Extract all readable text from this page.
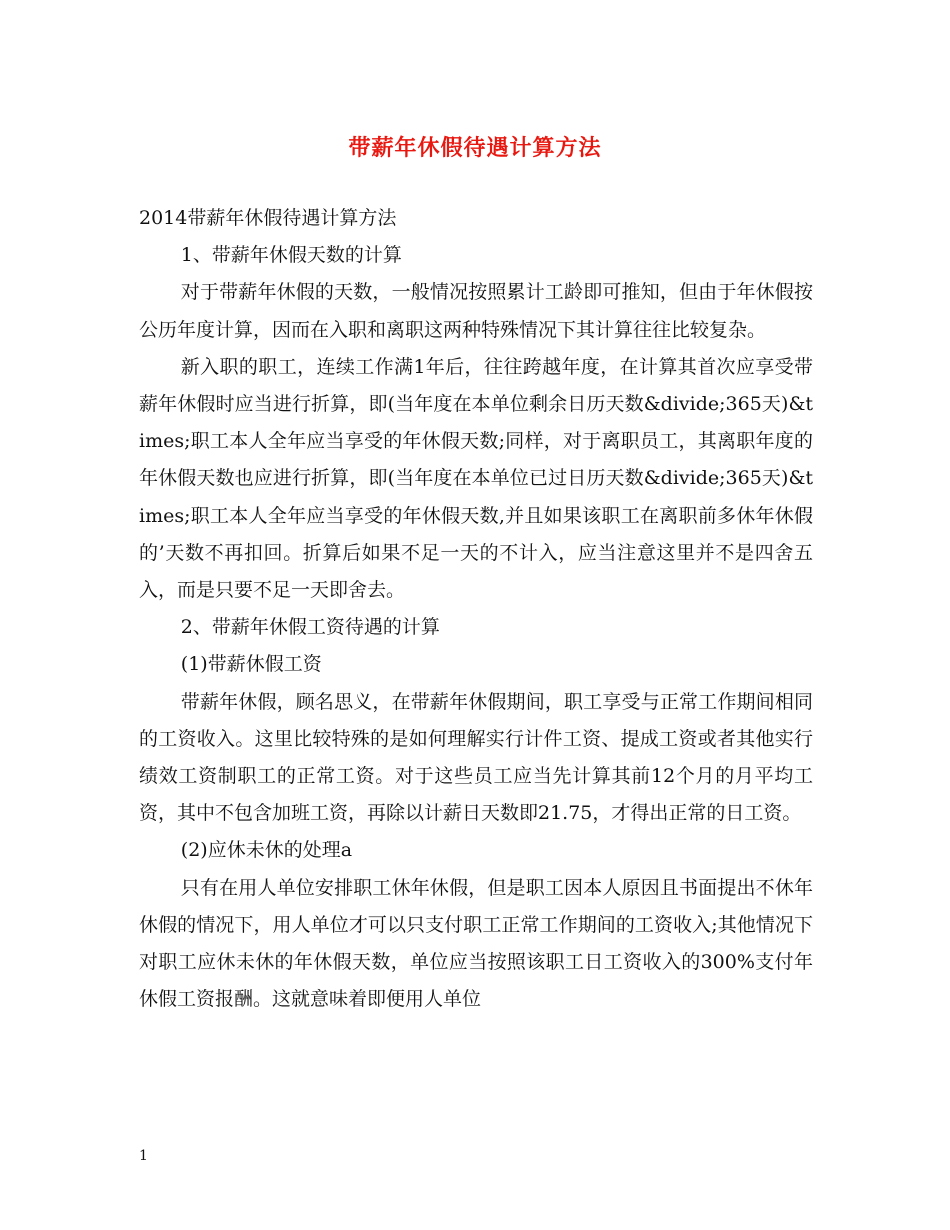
带薪年休假待遇计算方法

2014带薪年休假待遇计算方法

1、带薪年休假天数的计算

对于带薪年休假的天数，一般情况按照累计工龄即可推知，但由于年休假按公历年度计算，因而在入职和离职这两种特殊情况下其计算往往比较复杂。

新入职的职工，连续工作满1年后，往往跨越年度，在计算其首次应享受带薪年休假时应当进行折算，即(当年度在本单位剩余日历天数&divide;365天)&times;职工本人全年应当享受的年休假天数;同样，对于离职员工，其离职年度的年休假天数也应进行折算，即(当年度在本单位已过日历天数&divide;365天)&times;职工本人全年应当享受的年休假天数,并且如果该职工在离职前多休年休假的’天数不再扣回。折算后如果不足一天的不计入，应当注意这里并不是四舍五入，而是只要不足一天即舍去。

2、带薪年休假工资待遇的计算

(1)带薪休假工资

带薪年休假，顾名思义，在带薪年休假期间，职工享受与正常工作期间相同的工资收入。这里比较特殊的是如何理解实行计件工资、提成工资或者其他实行绩效工资制职工的正常工资。对于这些员工应当先计算其前12个月的月平均工资，其中不包含加班工资，再除以计薪日天数即21.75，才得出正常的日工资。

(2)应休未休的处理a

只有在用人单位安排职工休年休假，但是职工因本人原因且书面提出不休年休假的情况下，用人单位才可以只支付职工正常工作期间的工资收入;其他情况下对职工应休未休的年休假天数，单位应当按照该职工日工资收入的300%支付年休假工资报酬。这就意味着即便用人单位

1
